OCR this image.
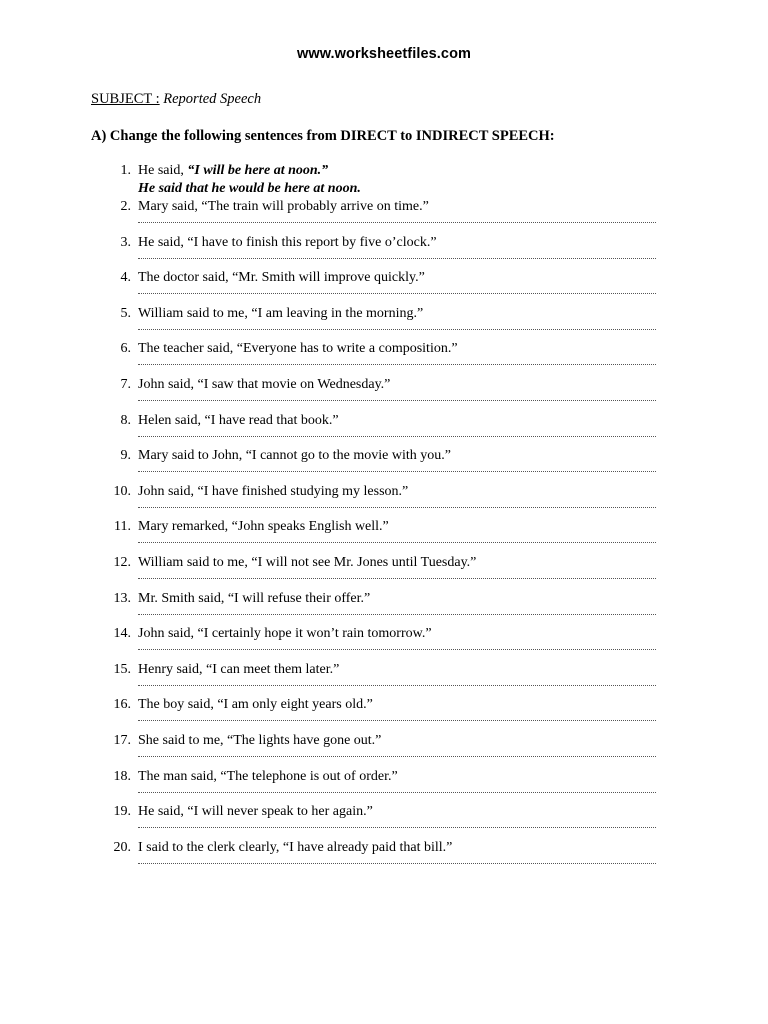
www.worksheetfiles.com
SUBJECT : Reported Speech
A) Change the following sentences from DIRECT to INDIRECT SPEECH:
1. He said, “I will be here at noon.”
He said that he would be here at noon.
2. Mary said, “The train will probably arrive on time.”
3. He said, “I have to finish this report by five o’clock.”
4. The doctor said, “Mr. Smith will improve quickly.”
5. William said to me, “I am leaving in the morning.”
6. The teacher said, “Everyone has to write a composition.”
7. John said, “I saw that movie on Wednesday.”
8. Helen said, “I have read that book.”
9. Mary said to John, “I cannot go to the movie with you.”
10. John said, “I have finished studying my lesson.”
11. Mary remarked, “John speaks English well.”
12. William said to me, “I will not see Mr. Jones until Tuesday.”
13. Mr. Smith said, “I will refuse their offer.”
14. John said, “I certainly hope it won’t rain tomorrow.”
15. Henry said, “I can meet them later.”
16. The boy said, “I am only eight years old.”
17. She said to me, “The lights have gone out.”
18. The man said, “The telephone is out of order.”
19. He said, “I will never speak to her again.”
20. I said to the clerk clearly, “I have already paid that bill.”
